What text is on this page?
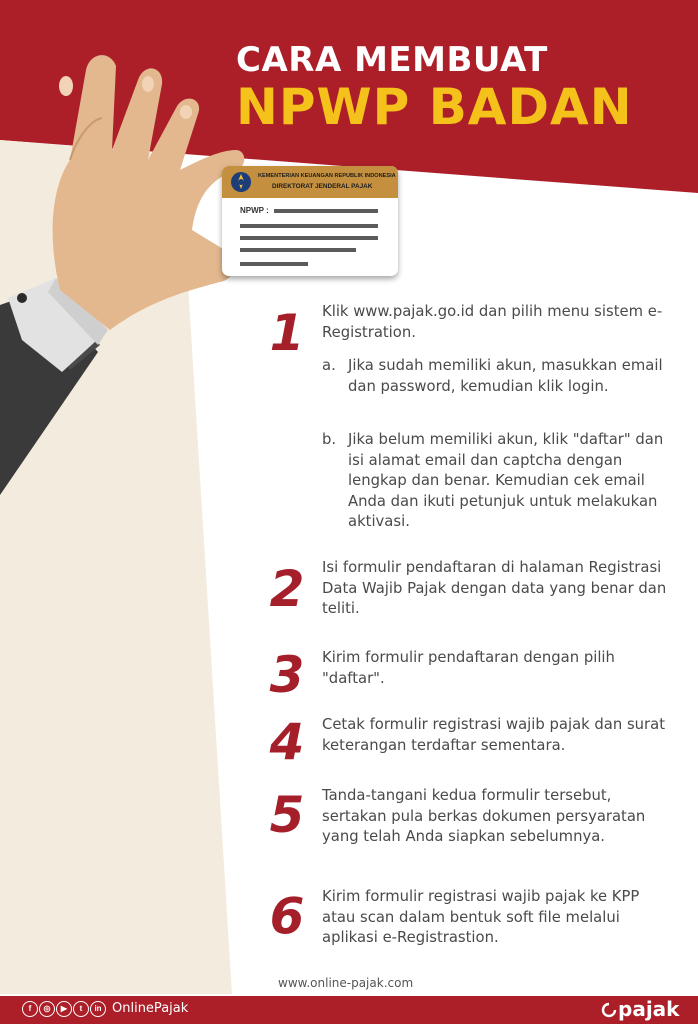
CARA MEMBUAT
NPWP BADAN
KEMENTERIAN KEUANGAN REPUBLIK INDONESIA
DIREKTORAT JENDERAL PAJAK
NPWP :
1	Klik www.pajak.go.id dan pilih menu sistem e-Registration.
a. Jika sudah memiliki akun, masukkan email dan password, kemudian klik login.
b. Jika belum memiliki akun, klik "daftar" dan isi alamat email dan captcha dengan lengkap dan benar. Kemudian cek email Anda dan ikuti petunjuk untuk melakukan aktivasi.
2	Isi formulir pendaftaran di halaman Registrasi Data Wajib Pajak dengan data yang benar dan teliti.
3	Kirim formulir pendaftaran dengan pilih "daftar".
4	Cetak formulir registrasi wajib pajak dan surat keterangan terdaftar sementara.
5	Tanda-tangani kedua formulir tersebut, sertakan pula berkas dokumen persyaratan yang telah Anda siapkan sebelumnya.
6	Kirim formulir registrasi wajib pajak ke KPP atau scan dalam bentuk soft file melalui aplikasi e-Registrastion.
www.online-pajak.com
f	◎	▶	t	in OnlinePajak	pajak
